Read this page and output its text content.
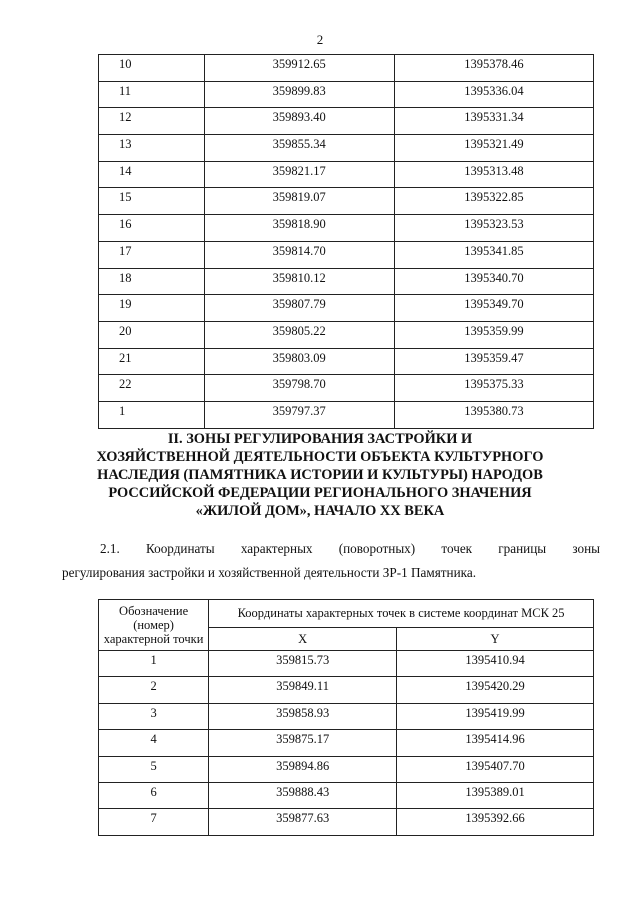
2
10	359912.65	1395378.46
11	359899.83	1395336.04
12	359893.40	1395331.34
13	359855.34	1395321.49
14	359821.17	1395313.48
15	359819.07	1395322.85
16	359818.90	1395323.53
17	359814.70	1395341.85
18	359810.12	1395340.70
19	359807.79	1395349.70
20	359805.22	1395359.99
21	359803.09	1395359.47
22	359798.70	1395375.33
1	359797.37	1395380.73
II. ЗОНЫ РЕГУЛИРОВАНИЯ ЗАСТРОЙКИ И
ХОЗЯЙСТВЕННОЙ ДЕЯТЕЛЬНОСТИ ОБЪЕКТА КУЛЬТУРНОГО
НАСЛЕДИЯ (ПАМЯТНИКА ИСТОРИИ И КУЛЬТУРЫ) НАРОДОВ
РОССИЙСКОЙ ФЕДЕРАЦИИ РЕГИОНАЛЬНОГО ЗНАЧЕНИЯ
«ЖИЛОЙ ДОМ», НАЧАЛО XX ВЕКА
2.1. Координаты характерных (поворотных) точек границы зоны
регулирования застройки и хозяйственной деятельности ЗР-1 Памятника.
Обозначение (номер) характерной точки	Координаты характерных точек в системе координат МСК 25	
	X	Y
1	359815.73	1395410.94
2	359849.11	1395420.29
3	359858.93	1395419.99
4	359875.17	1395414.96
5	359894.86	1395407.70
6	359888.43	1395389.01
7	359877.63	1395392.66
